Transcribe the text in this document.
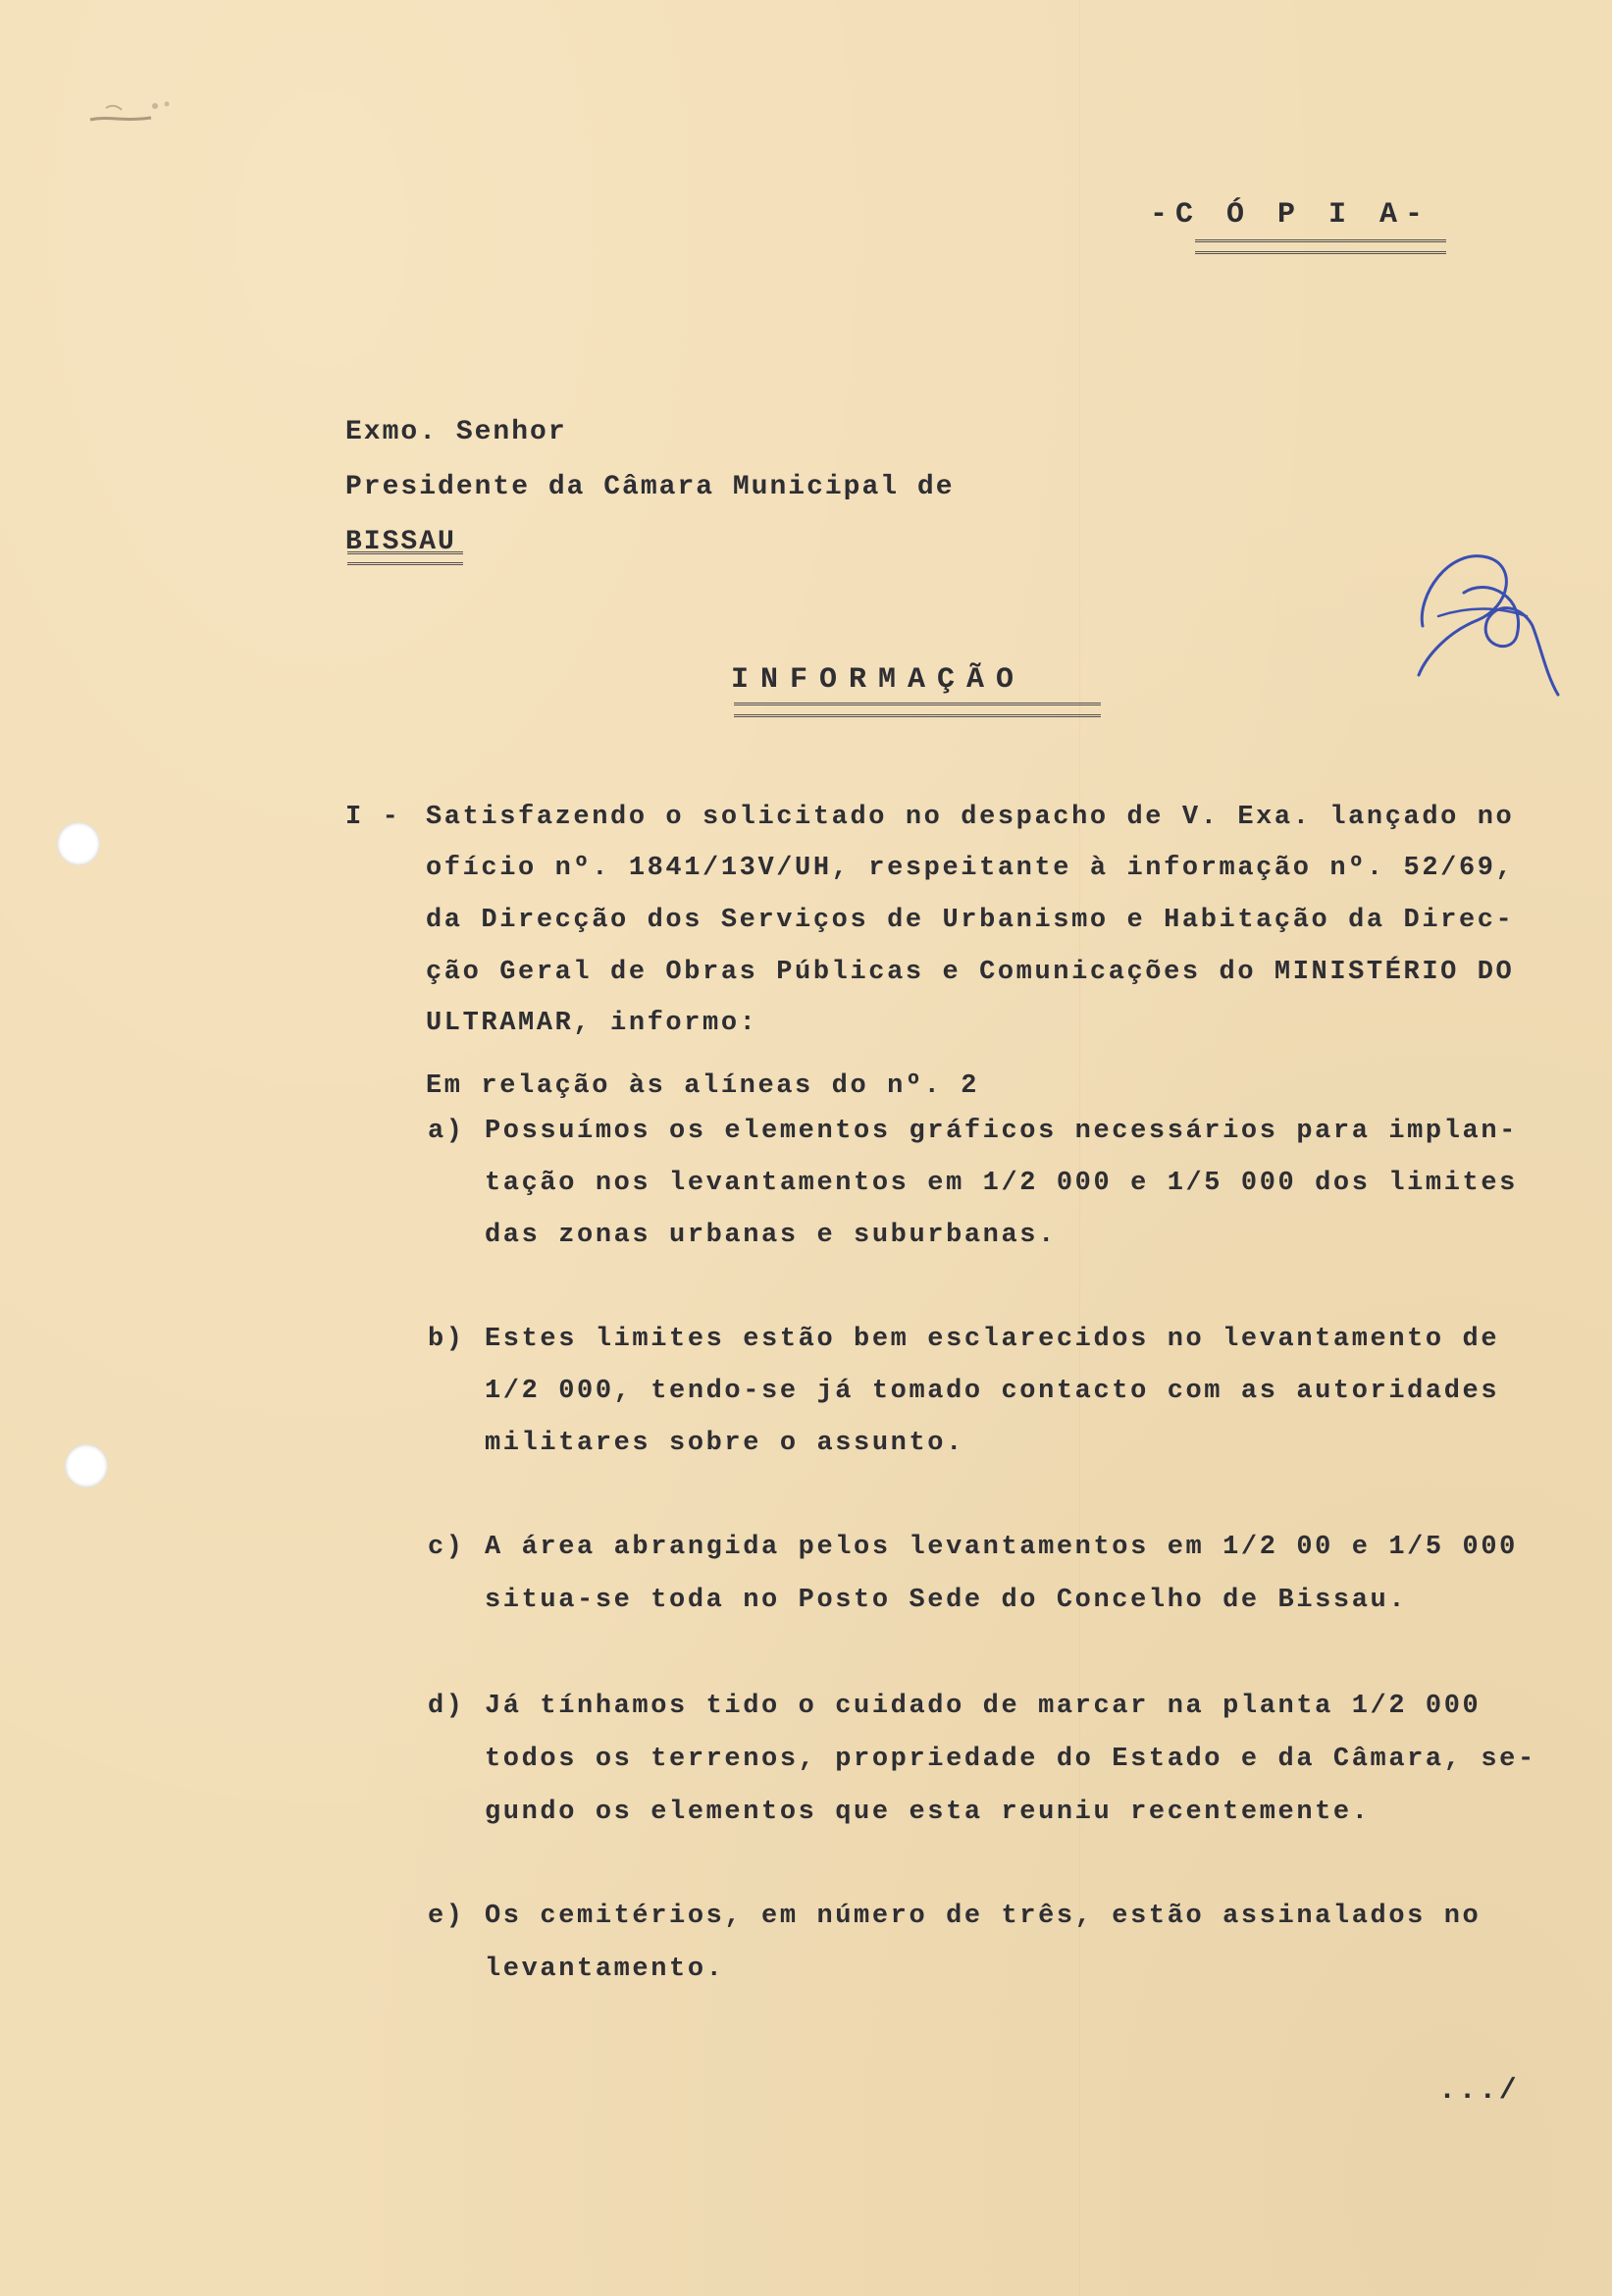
-C Ó P I A-
Exmo. Senhor
Presidente da Câmara Municipal de
BISSAU
INFORMAÇÃO
I - Satisfazendo o solicitado no despacho de V. Exa. lançado no
ofício nº. 1841/13V/UH, respeitante à informação nº. 52/69,
da Direcção dos Serviços de Urbanismo e Habitação da Direc-
ção Geral de Obras Públicas e Comunicações do MINISTÉRIO DO
ULTRAMAR, informo:
Em relação às alíneas do nº. 2
a) Possuímos os elementos gráficos necessários para implan-
tação nos levantamentos em 1/2 000 e 1/5 000 dos limites
das zonas urbanas e suburbanas.
b) Estes limites estão bem esclarecidos no levantamento de
1/2 000, tendo-se já tomado contacto com as autoridades
militares sobre o assunto.
c) A área abrangida pelos levantamentos em 1/2 00 e 1/5 000
situa-se toda no Posto Sede do Concelho de Bissau.
d) Já tínhamos tido o cuidado de marcar na planta 1/2 000
todos os terrenos, propriedade do Estado e da Câmara, se-
gundo os elementos que esta reuniu recentemente.
e) Os cemitérios, em número de três, estão assinalados no
levantamento.
.../
